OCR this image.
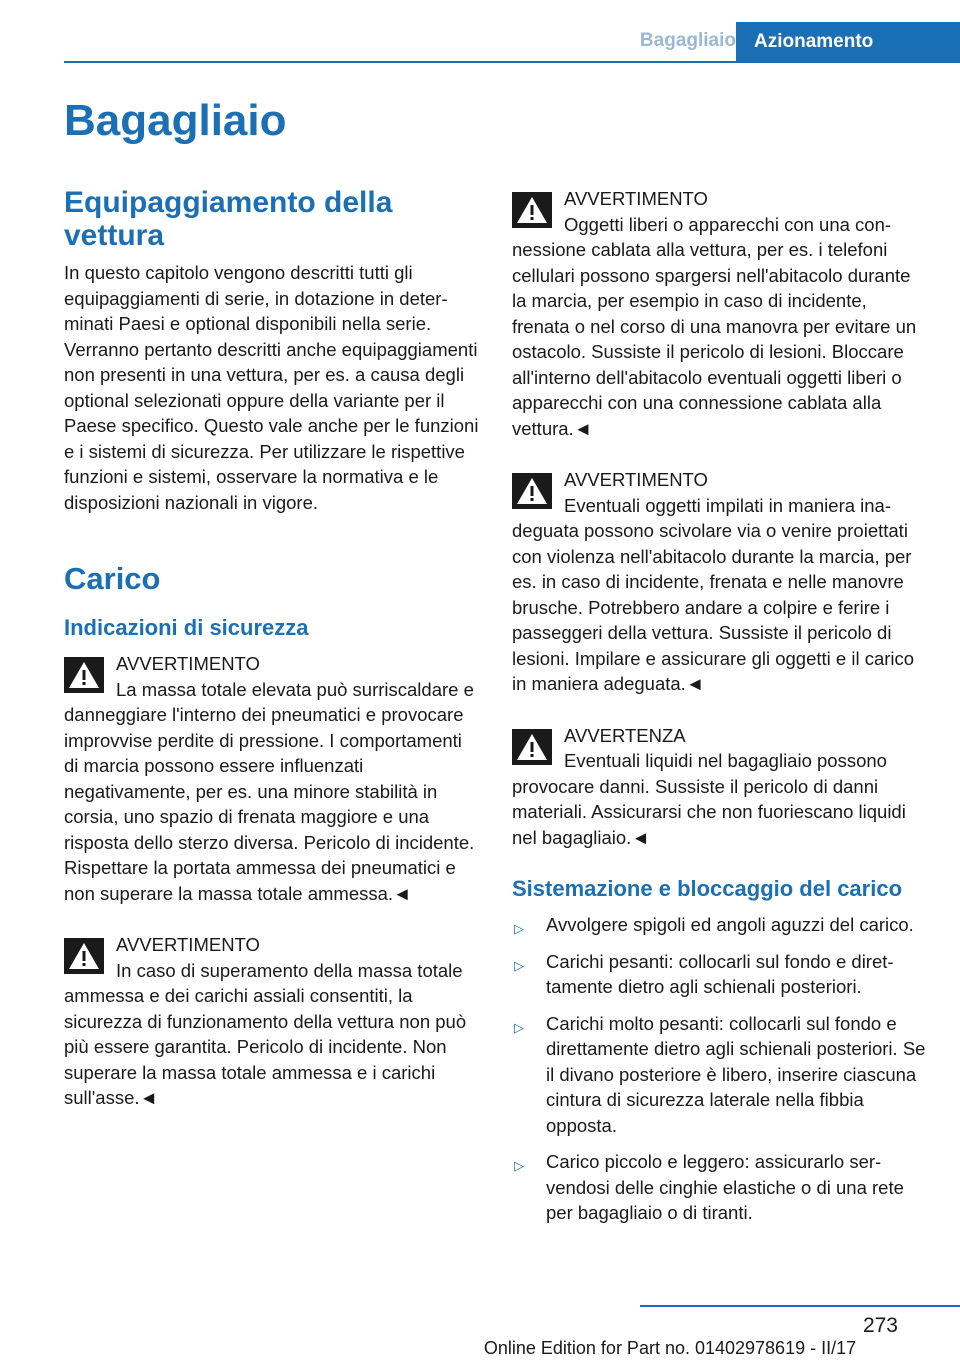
Bagagliaio Azionamento
Bagagliaio
Equipaggiamento della vettura

In questo capitolo vengono descritti tutti gli equipaggiamenti di serie, in dotazione in determinati Paesi e optional disponibili nella serie. Verranno pertanto descritti anche equipaggiamenti non presenti in una vettura, per es. a causa degli optional selezionati oppure della variante per il Paese specifico. Questo vale anche per le funzioni e i sistemi di sicurezza. Per utilizzare le rispettive funzioni e sistemi, osservare la normativa e le disposizioni nazionali in vigore.

Carico
Indicazioni di sicurezza
AVVERTIMENTO
La massa totale elevata può surriscaldare e danneggiare l'interno dei pneumatici e provocare improvvise perdite di pressione. I comportamenti di marcia possono essere influenzati negativamente, per es. una minore stabilità in corsia, uno spazio di frenata maggiore e una risposta dello sterzo diversa. Pericolo di incidente. Rispettare la portata ammessa dei pneumatici e non superare la massa totale ammessa.◄
AVVERTIMENTO
In caso di superamento della massa totale ammessa e dei carichi assiali consentiti, la sicurezza di funzionamento della vettura non può più essere garantita. Pericolo di incidente. Non superare la massa totale ammessa e i carichi sull'asse.◄
AVVERTIMENTO
Oggetti liberi o apparecchi con una connessione cablata alla vettura, per es. i telefoni cellulari possono spargersi nell'abitacolo durante la marcia, per esempio in caso di incidente, frenata o nel corso di una manovra per evitare un ostacolo. Sussiste il pericolo di lesioni. Bloccare all'interno dell'abitacolo eventuali oggetti liberi o apparecchi con una connessione cablata alla vettura.◄
AVVERTIMENTO
Eventuali oggetti impilati in maniera inadeguata possono scivolare via o venire proiettati con violenza nell'abitacolo durante la marcia, per es. in caso di incidente, frenata e nelle manovre brusche. Potrebbero andare a colpire e ferire i passeggeri della vettura. Sussiste il pericolo di lesioni. Impilare e assicurare gli oggetti e il carico in maniera adeguata.◄
AVVERTENZA
Eventuali liquidi nel bagagliaio possono provocare danni. Sussiste il pericolo di danni materiali. Assicurarsi che non fuoriescano liquidi nel bagagliaio.◄
Sistemazione e bloccaggio del carico
▷ Avvolgere spigoli ed angoli aguzzi del carico.
▷ Carichi pesanti: collocarli sul fondo e direttamente dietro agli schienali posteriori.
▷ Carichi molto pesanti: collocarli sul fondo e direttamente dietro agli schienali posteriori. Se il divano posteriore è libero, inserire ciascuna cintura di sicurezza laterale nella fibbia opposta.
▷ Carico piccolo e leggero: assicurarlo servendosi delle cinghie elastiche o di una rete per bagagliaio o di tiranti.
273
Online Edition for Part no. 01402978619 - II/17
